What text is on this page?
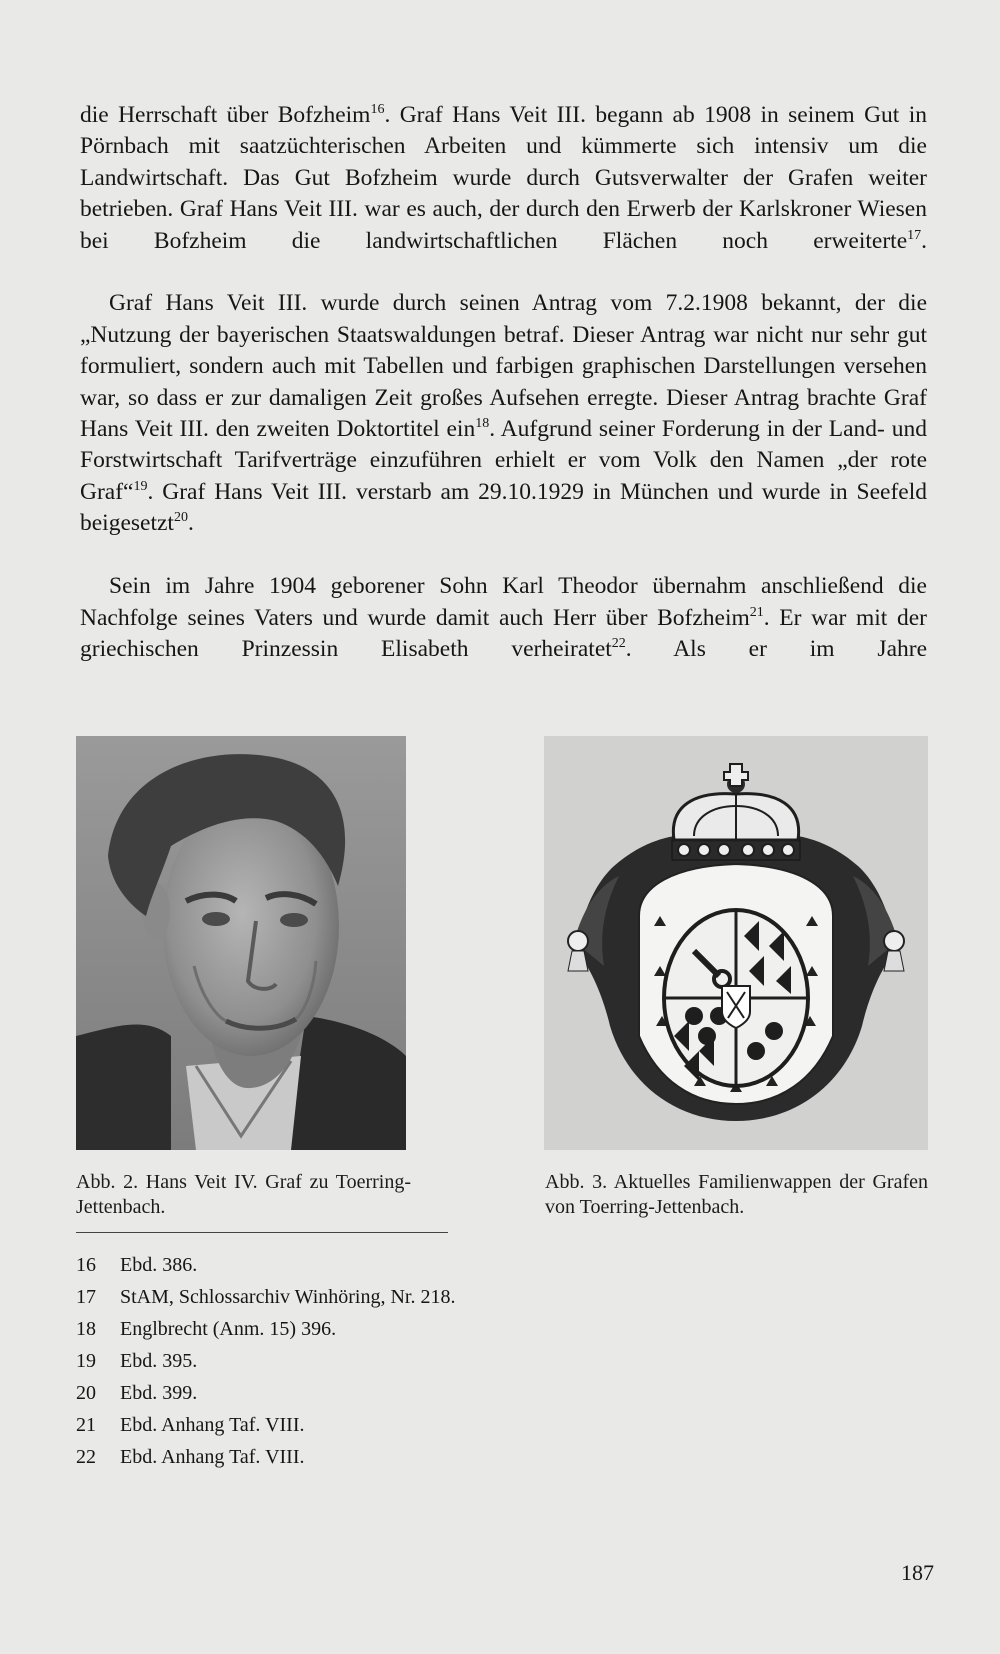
die Herrschaft über Bofzheim$^{16}$. Graf Hans Veit III. begann ab 1908 in seinem Gut in Pörnbach mit saatzüchterischen Arbeiten und kümmerte sich intensiv um die Landwirtschaft. Das Gut Bofzheim wurde durch Gutsverwalter der Grafen weiter betrieben. Graf Hans Veit III. war es auch, der durch den Erwerb der Karlskroner Wiesen bei Bofzheim die landwirtschaftlichen Flächen noch erweiterte$^{17}$.

Graf Hans Veit III. wurde durch seinen Antrag vom 7.2.1908 bekannt, der die „Nutzung der bayerischen Staatswaldungen betraf. Dieser Antrag war nicht nur sehr gut formuliert, sondern auch mit Tabellen und farbigen graphischen Darstellungen versehen war, so dass er zur damaligen Zeit großes Aufsehen erregte. Dieser Antrag brachte Graf Hans Veit III. den zweiten Doktortitel ein$^{18}$. Aufgrund seiner Forderung in der Land- und Forstwirtschaft Tarifverträge einzuführen erhielt er vom Volk den Namen „der rote Graf“$^{19}$. Graf Hans Veit III. verstarb am 29.10.1929 in München und wurde in Seefeld beigesetzt$^{20}$.

Sein im Jahre 1904 geborener Sohn Karl Theodor übernahm anschließend die Nachfolge seines Vaters und wurde damit auch Herr über Bofzheim$^{21}$. Er war mit der griechischen Prinzessin Elisabeth verheiratet$^{22}$. Als er im Jahre

Abb. 2. Hans Veit IV. Graf zu Toerring-Jettenbach.
Abb. 3. Aktuelles Familienwappen der Grafen von Toerring-Jettenbach.
16	Ebd. 386.
17	StAM, Schlossarchiv Winhöring, Nr. 218.
18	Englbrecht (Anm. 15) 396.
19	Ebd. 395.
20	Ebd. 399.
21	Ebd. Anhang Taf. VIII.
22	Ebd. Anhang Taf. VIII.
187
